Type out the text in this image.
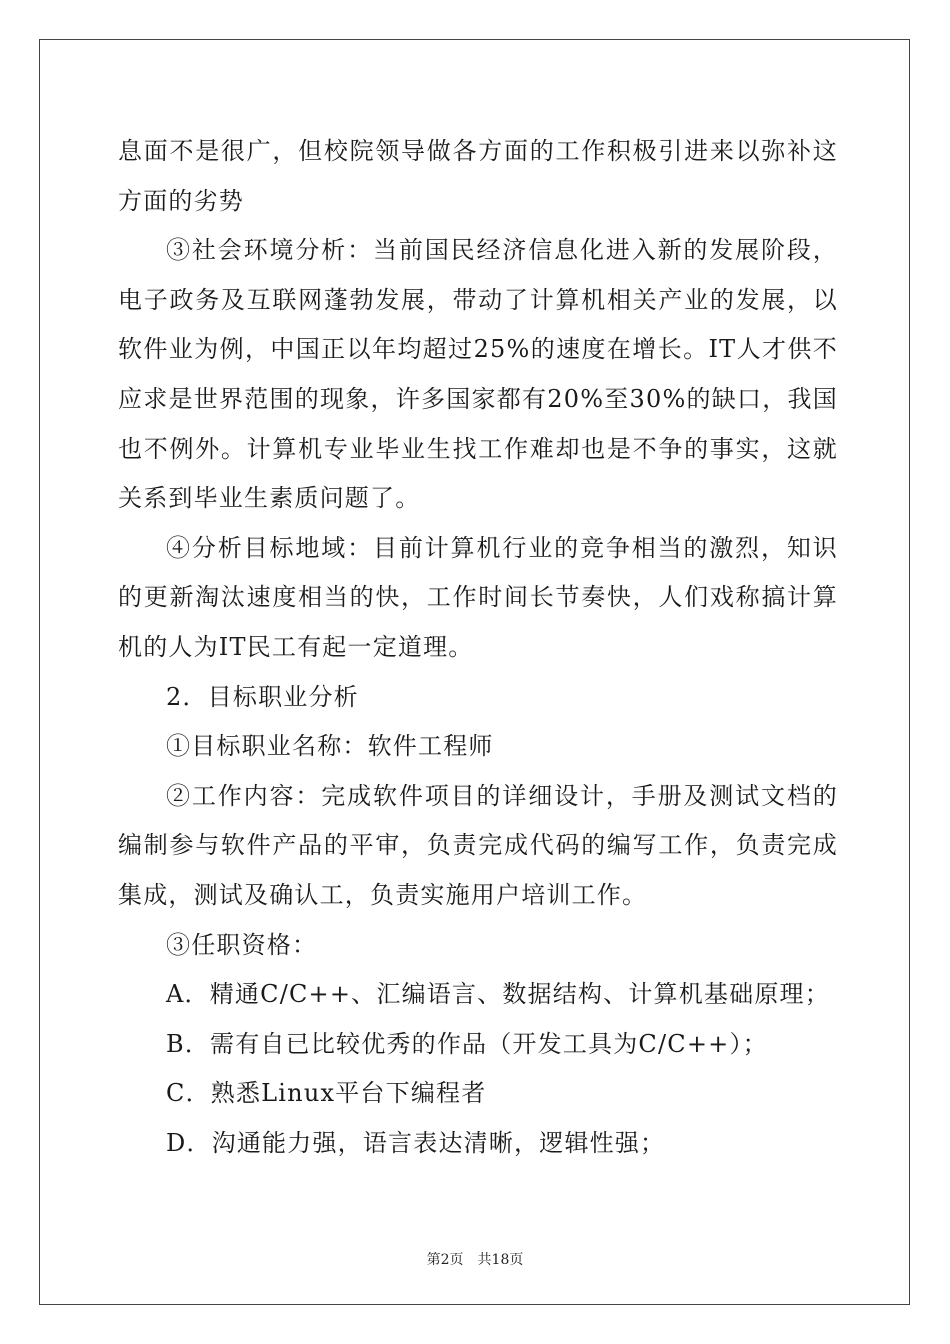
息面不是很广，但校院领导做各方面的工作积极引进来以弥补这方面的劣势

③社会环境分析：当前国民经济信息化进入新的发展阶段，电子政务及互联网蓬勃发展，带动了计算机相关产业的发展，以软件业为例，中国正以年均超过25%的速度在增长。IT人才供不应求是世界范围的现象，许多国家都有20%至30%的缺口，我国也不例外。计算机专业毕业生找工作难却也是不争的事实，这就关系到毕业生素质问题了。

④分析目标地域：目前计算机行业的竞争相当的激烈，知识的更新淘汰速度相当的快，工作时间长节奏快，人们戏称搞计算机的人为IT民工有起一定道理。

2．目标职业分析

①目标职业名称：软件工程师

②工作内容：完成软件项目的详细设计，手册及测试文档的编制参与软件产品的平审，负责完成代码的编写工作，负责完成集成，测试及确认工，负责实施用户培训工作。

③任职资格：

A．精通C/C++、汇编语言、数据结构、计算机基础原理；

B．需有自已比较优秀的作品（开发工具为C/C++）；

C．熟悉Linux平台下编程者

D．沟通能力强，语言表达清晰，逻辑性强；

第2页 共18页
